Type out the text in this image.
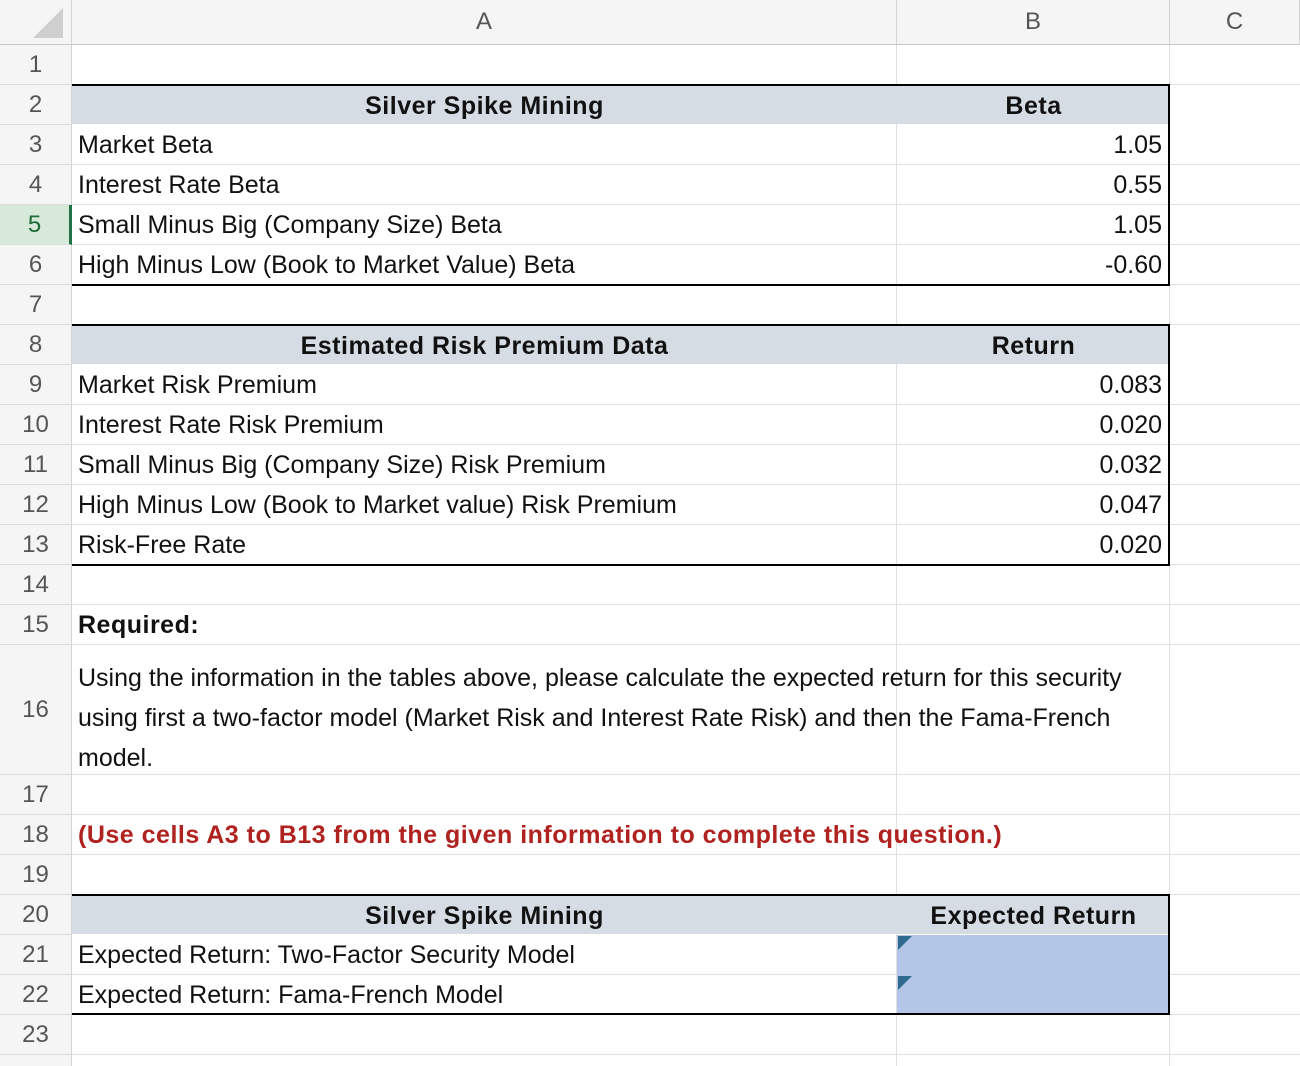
A	B	C
1
2
3
4
5
6
7
8
9
10
11
12
13
14
15
16
17
18
19
20
21
22
23
Silver Spike Mining	Beta
Market Beta	1.05
Interest Rate Beta	0.55
Small Minus Big (Company Size) Beta	1.05
High Minus Low (Book to Market Value) Beta	-0.60
Estimated Risk Premium Data	Return
Market Risk Premium	0.083
Interest Rate Risk Premium	0.020
Small Minus Big (Company Size) Risk Premium	0.032
High Minus Low (Book to Market value) Risk Premium	0.047
Risk-Free Rate	0.020
Required:
Using the information in the tables above, please calculate the expected return for this security using first a two-factor model (Market Risk and Interest Rate Risk) and then the Fama-French model.
(Use cells A3 to B13 from the given information to complete this question.)
Silver Spike Mining	Expected Return
Expected Return: Two-Factor Security Model
Expected Return: Fama-French Model
